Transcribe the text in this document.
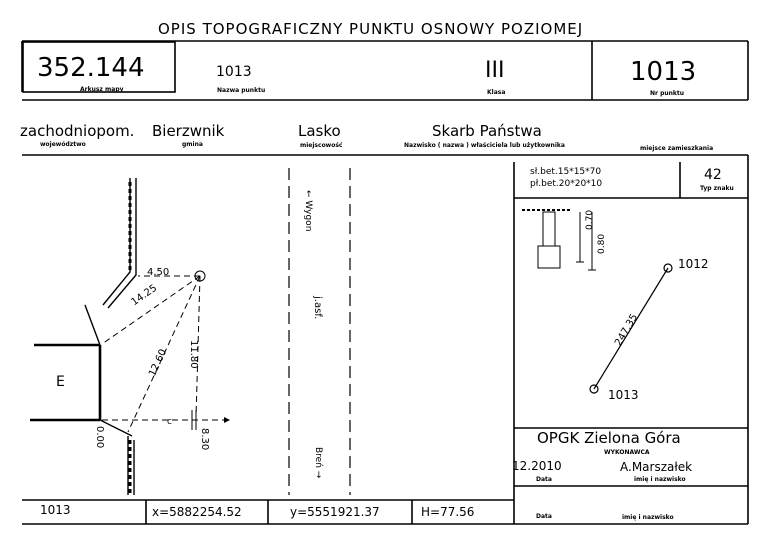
OPIS TOPOGRAFICZNY PUNKTU OSNOWY POZIOMEJ
352.144
Arkusz mapy
1013
Nazwa punktu
III
Klasa
1013
Nr punktu
zachodniopom.
województwo
Bierzwnik
gmina
Lasko
miejscowość
Skarb Państwa
Nazwisko ( nazwa ) właściciela lub użytkownika	miejsce zamieszkania
← Wygon
j.asf.
Breń →
4.50
14.25
12.60 11.80
8.30
0.00
E
c
sł.bet.15*15*70
pł.bet.20*20*10
42
Typ znaku
0.70
0.80
1012
1013
247.35
OPGK Zielona Góra
WYKONAWCA
12.2010
Data
A.Marszałek
imię i nazwisko
Data	imię i nazwisko
1013	x=5882254.52	y=5551921.37	H=77.56
